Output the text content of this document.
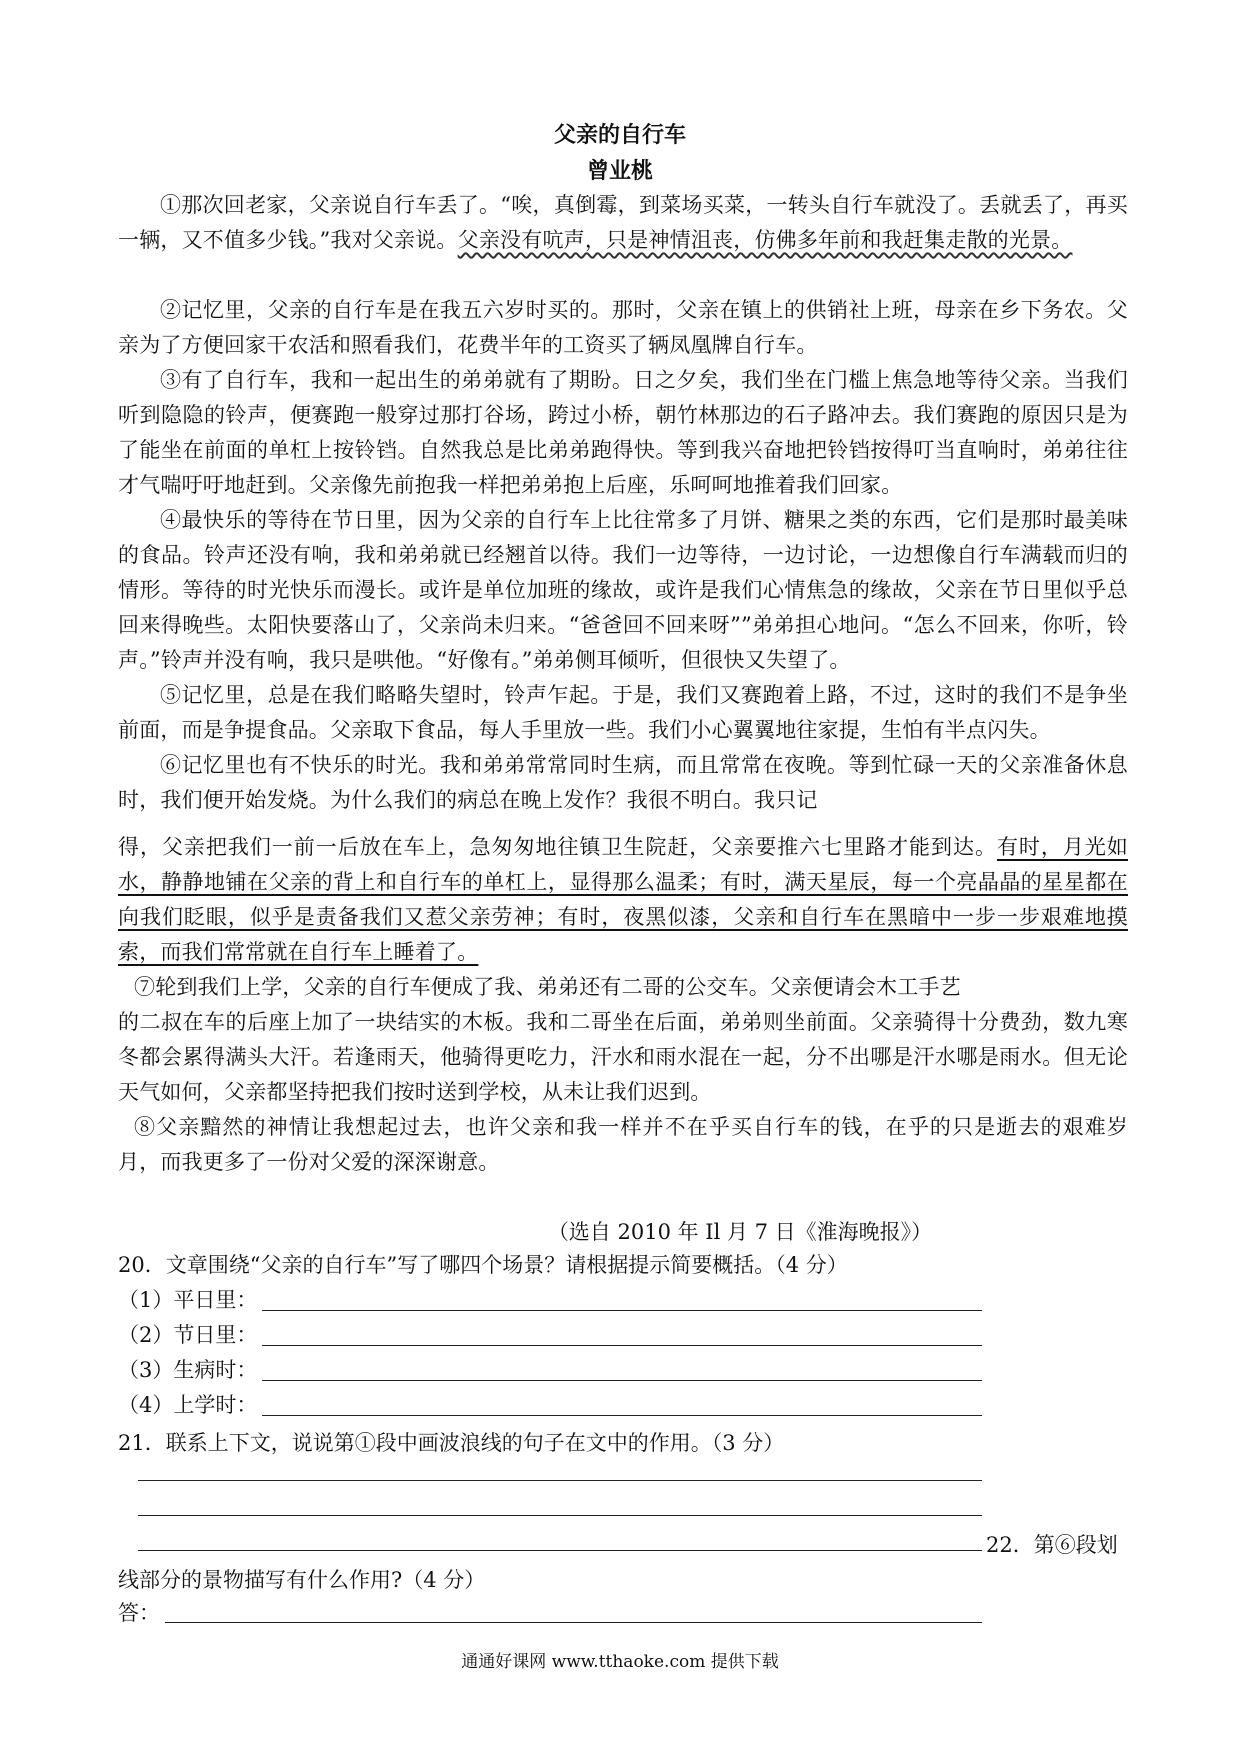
父亲的自行车
曾业桃
①那次回老家，父亲说自行车丢了。“唉，真倒霉，到菜场买菜，一转头自行车就没了。丢就丢了，再买一辆，又不值多少钱。”我对父亲说。父亲没有吭声，只是神情沮丧，仿佛多年前和我赶集走散的光景。
②记忆里，父亲的自行车是在我五六岁时买的。那时，父亲在镇上的供销社上班，母亲在乡下务农。父亲为了方便回家干农活和照看我们，花费半年的工资买了辆凤凰牌自行车。
③有了自行车，我和一起出生的弟弟就有了期盼。日之夕矣，我们坐在门槛上焦急地等待父亲。当我们听到隐隐的铃声，便赛跑一般穿过那打谷场，跨过小桥，朝竹林那边的石子路冲去。我们赛跑的原因只是为了能坐在前面的单杠上按铃铛。自然我总是比弟弟跑得快。等到我兴奋地把铃铛按得叮当直响时，弟弟往往才气喘吁吁地赶到。父亲像先前抱我一样把弟弟抱上后座，乐呵呵地推着我们回家。
④最快乐的等待在节日里，因为父亲的自行车上比往常多了月饼、糖果之类的东西，它们是那时最美味的食品。铃声还没有响，我和弟弟就已经翘首以待。我们一边等待，一边讨论，一边想像自行车满载而归的情形。等待的时光快乐而漫长。或许是单位加班的缘故，或许是我们心情焦急的缘故，父亲在节日里似乎总回来得晚些。太阳快要落山了，父亲尚未归来。“爸爸回不回来呀””弟弟担心地问。“怎么不回来，你听，铃声。”铃声并没有响，我只是哄他。“好像有。”弟弟侧耳倾听，但很快又失望了。
⑤记忆里，总是在我们略略失望时，铃声乍起。于是，我们又赛跑着上路，不过，这时的我们不是争坐前面，而是争提食品。父亲取下食品，每人手里放一些。我们小心翼翼地往家提，生怕有半点闪失。
⑥记忆里也有不快乐的时光。我和弟弟常常同时生病，而且常常在夜晚。等到忙碌一天的父亲准备休息时，我们便开始发烧。为什么我们的病总在晚上发作？我很不明白。我只记
得，父亲把我们一前一后放在车上，急匆匆地往镇卫生院赶，父亲要推六七里路才能到达。有时，月光如水，静静地铺在父亲的背上和自行车的单杠上，显得那么温柔；有时，满天星辰，每一个亮晶晶的星星都在向我们眨眼，似乎是责备我们又惹父亲劳神；有时，夜黑似漆，父亲和自行车在黑暗中一步一步艰难地摸索，而我们常常就在自行车上睡着了。
⑦轮到我们上学，父亲的自行车便成了我、弟弟还有二哥的公交车。父亲便请会木工手艺
的二叔在车的后座上加了一块结实的木板。我和二哥坐在后面，弟弟则坐前面。父亲骑得十分费劲，数九寒冬都会累得满头大汗。若逢雨天，他骑得更吃力，汗水和雨水混在一起，分不出哪是汗水哪是雨水。但无论天气如何，父亲都坚持把我们按时送到学校，从未让我们迟到。
⑧父亲黯然的神情让我想起过去，也许父亲和我一样并不在乎买自行车的钱，在乎的只是逝去的艰难岁月，而我更多了一份对父爱的深深谢意。
（选自 2010 年 Il 月 7 日《淮海晚报》）
20．文章围绕“父亲的自行车”写了哪四个场景？请根据提示简要概括。（4 分）
（1）平日里：
（2）节日里：
（3）生病时：
（4）上学时：
21．联系上下文，说说第①段中画波浪线的句子在文中的作用。（3 分）
22．第⑥段划
线部分的景物描写有什么作用?（4 分）
答：
通通好课网 www.tthaoke.com 提供下载
